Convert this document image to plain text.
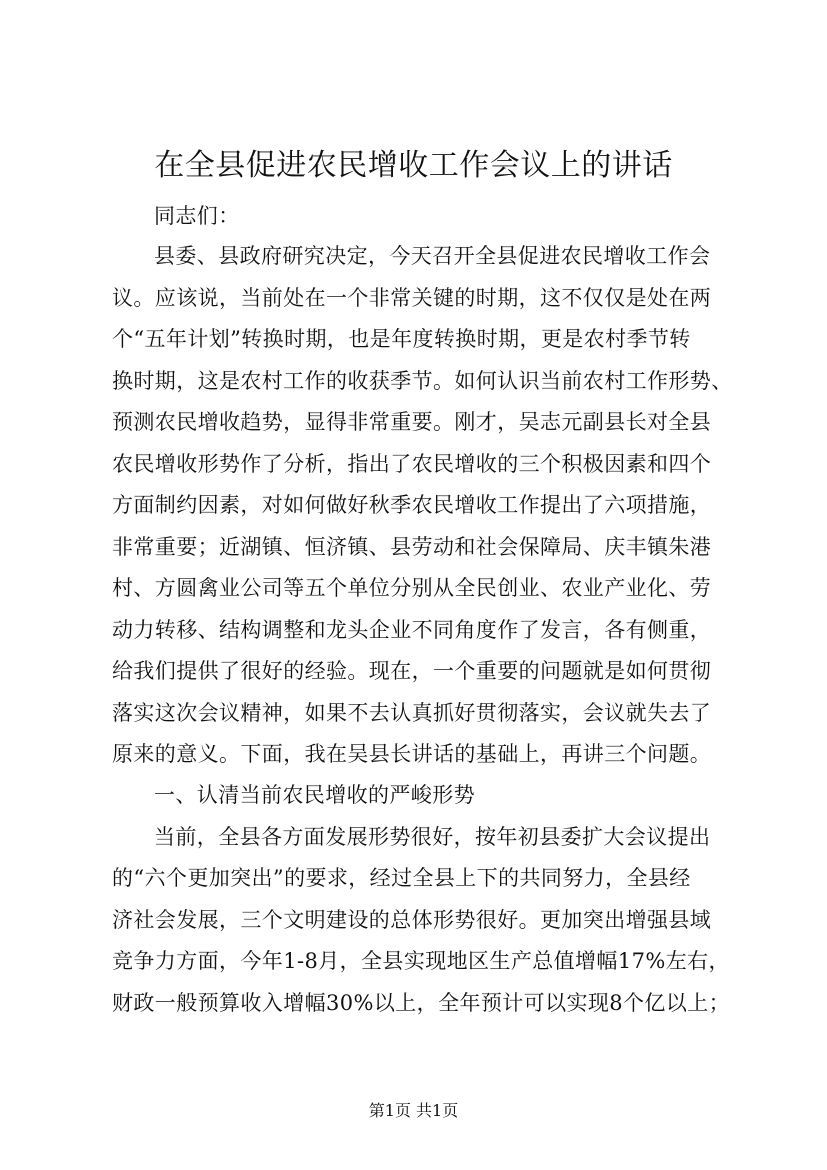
在全县促进农民增收工作会议上的讲话
同志们：
县委、县政府研究决定，今天召开全县促进农民增收工作会
议。应该说，当前处在一个非常关键的时期，这不仅仅是处在两
个“五年计划”转换时期，也是年度转换时期，更是农村季节转
换时期，这是农村工作的收获季节。如何认识当前农村工作形势、
预测农民增收趋势，显得非常重要。刚才，吴志元副县长对全县
农民增收形势作了分析，指出了农民增收的三个积极因素和四个
方面制约因素，对如何做好秋季农民增收工作提出了六项措施，
非常重要；近湖镇、恒济镇、县劳动和社会保障局、庆丰镇朱港
村、方圆禽业公司等五个单位分别从全民创业、农业产业化、劳
动力转移、结构调整和龙头企业不同角度作了发言，各有侧重，
给我们提供了很好的经验。现在，一个重要的问题就是如何贯彻
落实这次会议精神，如果不去认真抓好贯彻落实，会议就失去了
原来的意义。下面，我在吴县长讲话的基础上，再讲三个问题。
一、认清当前农民增收的严峻形势
当前，全县各方面发展形势很好，按年初县委扩大会议提出
的“六个更加突出”的要求，经过全县上下的共同努力，全县经
济社会发展，三个文明建设的总体形势很好。更加突出增强县域
竞争力方面，今年1-8月，全县实现地区生产总值增幅17%左右，
财政一般预算收入增幅30%以上，全年预计可以实现8个亿以上；
第1页 共1页
